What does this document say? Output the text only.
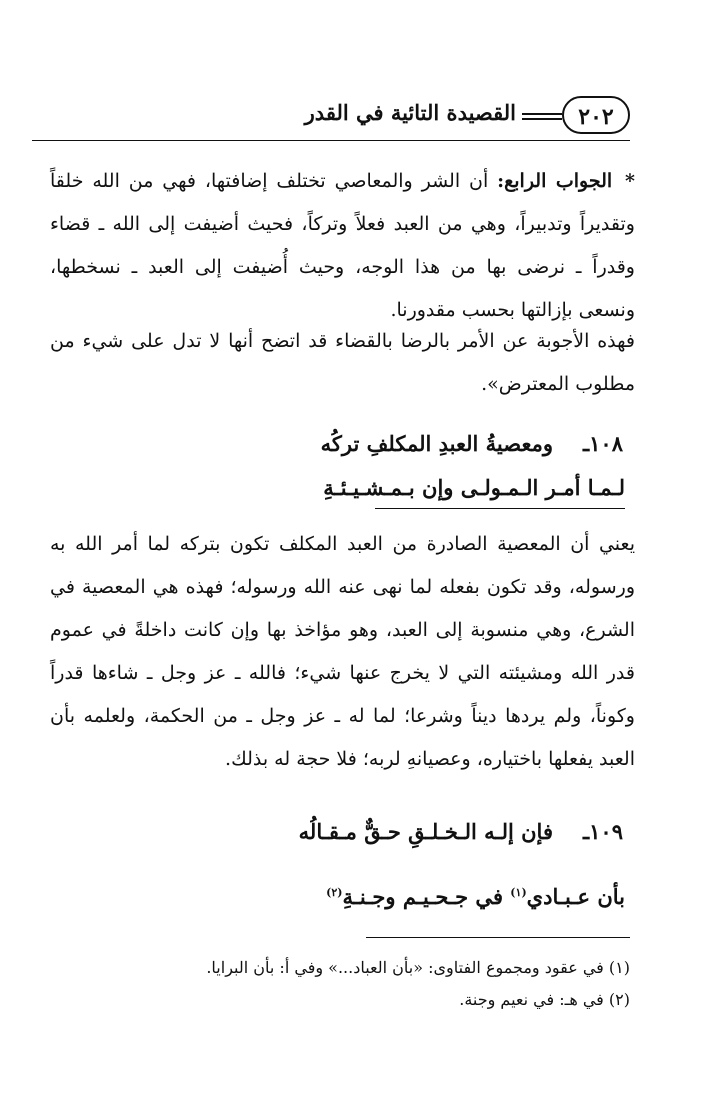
٢٠٢
القصيدة التائية في القدر
* الجواب الرابع: أن الشر والمعاصي تختلف إضافتها، فهي من الله خلقاً وتقديراً وتدبيراً، وهي من العبد فعلاً وتركاً، فحيث أضيفت إلى الله ـ قضاء وقدراً ـ نرضى بها من هذا الوجه، وحيث أُضيفت إلى العبد ـ نسخطها، ونسعى بإزالتها بحسب مقدورنا.
فهذه الأجوبة عن الأمر بالرضا بالقضاء قد اتضح أنها لا تدل على شيء من مطلوب المعترض».
١٠٨ـ
ومعصيةُ العبدِ المكلفِ تركُه
لـمـا أمـر الـمـولـى وإن بـمـشـيـئـةِ
يعني أن المعصية الصادرة من العبد المكلف تكون بتركه لما أمر الله به ورسوله، وقد تكون بفعله لما نهى عنه الله ورسوله؛ فهذه هي المعصية في الشرع، وهي منسوبة إلى العبد، وهو مؤاخذ بها وإن كانت داخلةً في عموم قدر الله ومشيئته التي لا يخرج عنها شيء؛ فالله ـ عز وجل ـ شاءها قدراً وكوناً، ولم يردها ديناً وشرعا؛ لما له ـ عز وجل ـ من الحكمة، ولعلمه بأن العبد يفعلها باختياره، وعصيانهِ لربه؛ فلا حجة له بذلك.
١٠٩ـ
فإن إلـه الـخـلـقِ حـقٌّ مـقـالُه
بأن عـبـادي$^{(١)}$ في جـحـيـم وجـنـةِ$^{(٢)}$
(١) في عقود ومجموع الفتاوى: «بأن العباد...» وفي أ: بأن البرايا.
(٢) في هـ: في نعيم وجنة.
